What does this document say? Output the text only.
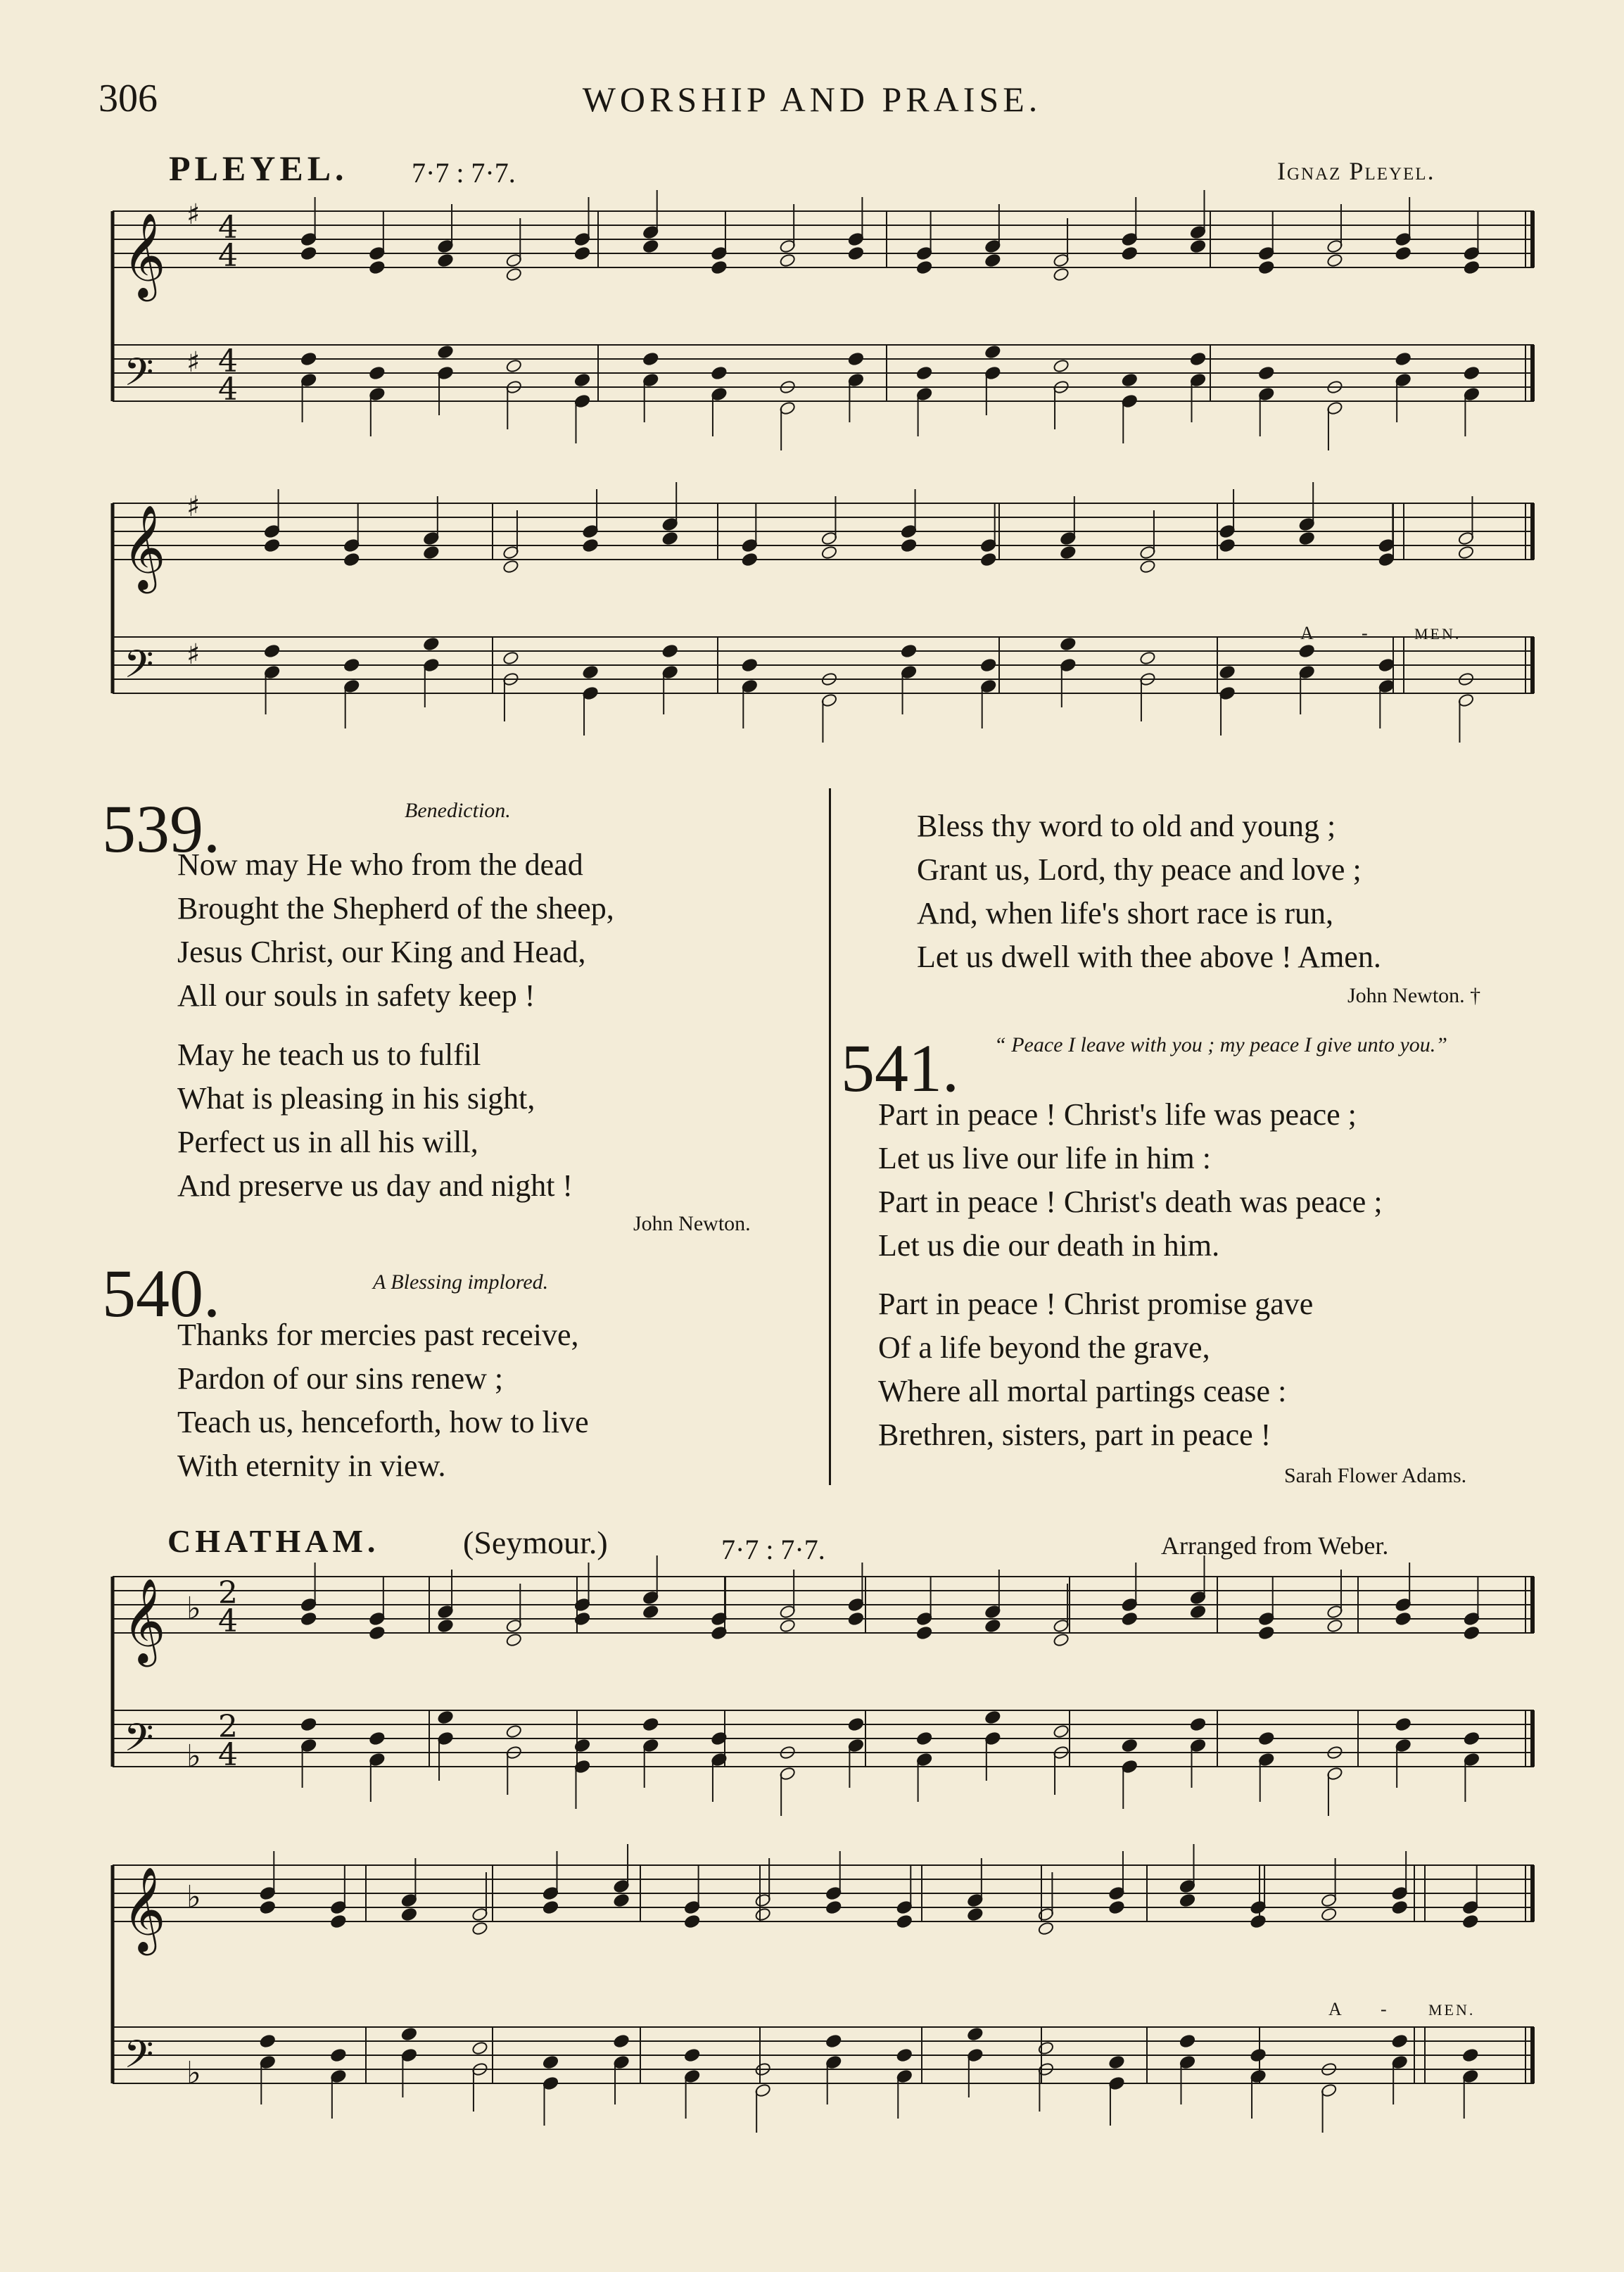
306	WORSHIP AND PRAISE.
PLEYEL. 7·7 : 7·7.	Ignaz Pleyel.
𝄞
𝄢
♯
♯
4
4
4
4
𝄞
𝄢
♯
♯
A	-	MEN.
539.	Benediction.
Now may He who from the dead
Brought the Shepherd of the sheep,
Jesus Christ, our King and Head,
All our souls in safety keep !
May he teach us to fulfil
What is pleasing in his sight,
Perfect us in all his will,
And preserve us day and night !
John Newton.
540.	A Blessing implored.
Thanks for mercies past receive,
Pardon of our sins renew ;
Teach us, henceforth, how to live
With eternity in view.
Bless thy word to old and young ;
Grant us, Lord, thy peace and love ;
And, when life's short race is run,
Let us dwell with thee above ! Amen.
John Newton. †
541.	“ Peace I leave with you ; my peace I give unto you.”
Part in peace ! Christ's life was peace ;
Let us live our life in him :
Part in peace ! Christ's death was peace ;
Let us die our death in him.
Part in peace ! Christ promise gave
Of a life beyond the grave,
Where all mortal partings cease :
Brethren, sisters, part in peace !
Sarah Flower Adams.
CHATHAM.	(Seymour.)	7·7 : 7·7.	Arranged from Weber.
𝄞
𝄢
♭
♭
2
4
2
4
𝄞
𝄢
♭
♭
A -	MEN.
